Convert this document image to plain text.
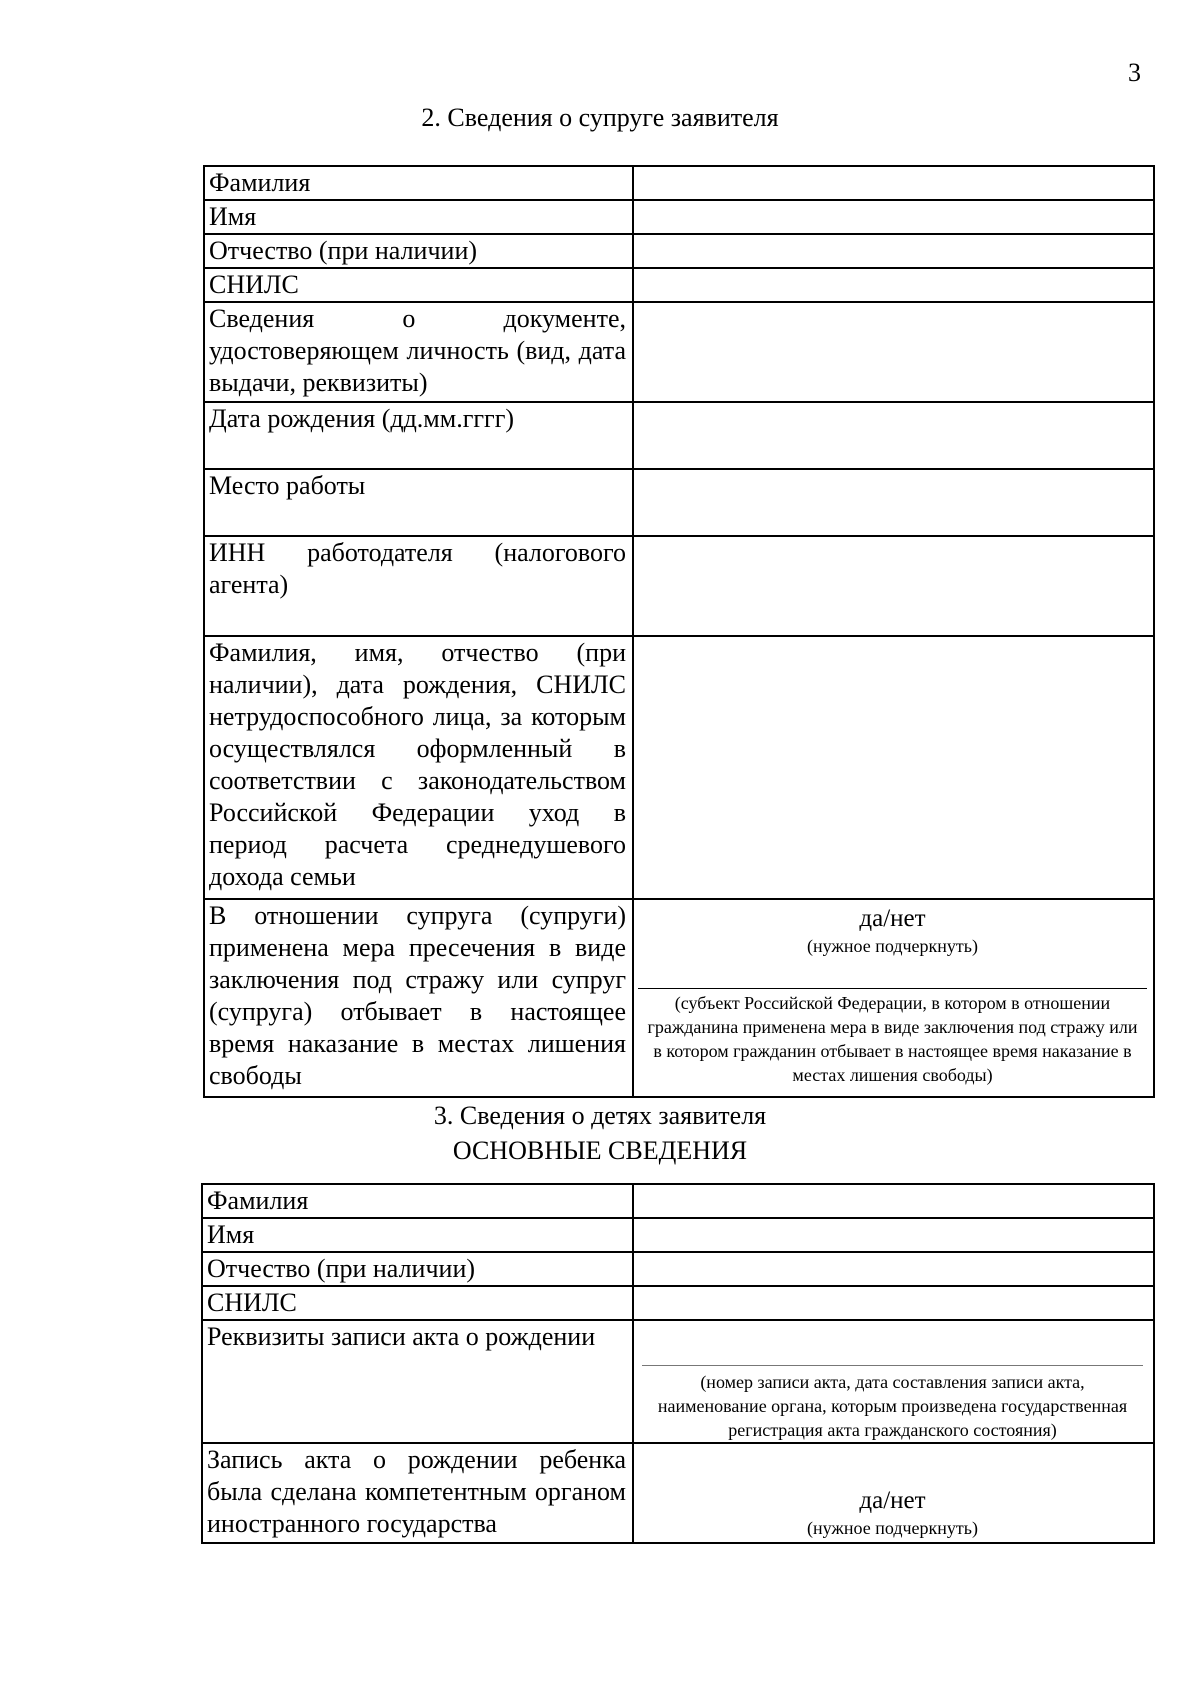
3
2. Сведения о супруге заявителя
Фамилия	
Имя	
Отчество (при наличии)	
СНИЛС	
Сведения о документе, удостоверяющем личность (вид, дата выдачи, реквизиты)	
Дата рождения (дд.мм.гггг)	
Место работы	
ИНН работодателя (налогового агента)	
Фамилия, имя, отчество (при наличии), дата рождения, СНИЛС нетрудоспособного лица, за которым осуществлялся оформленный в соответствии с законодательством Российской Федерации уход в период расчета среднедушевого дохода семьи	
В отношении супруга (супруги) применена мера пресечения в виде заключения под стражу или супруг (супруга) отбывает в настоящее время наказание в местах лишения свободы	да/нет
(нужное подчеркнуть)
(субъект Российской Федерации, в котором в отношении гражданина применена мера в виде заключения под стражу или в котором гражданин отбывает в настоящее время наказание в местах лишения свободы)
3. Сведения о детях заявителя
ОСНОВНЫЕ СВЕДЕНИЯ
Фамилия	
Имя	
Отчество (при наличии)	
СНИЛС	
Реквизиты записи акта о рождении	(номер записи акта, дата составления записи акта, наименование органа, которым произведена государственная регистрация акта гражданского состояния)

Запись акта о рождении ребенка была сделана компетентным органом иностранного государства	да/нет
(нужное подчеркнуть)
